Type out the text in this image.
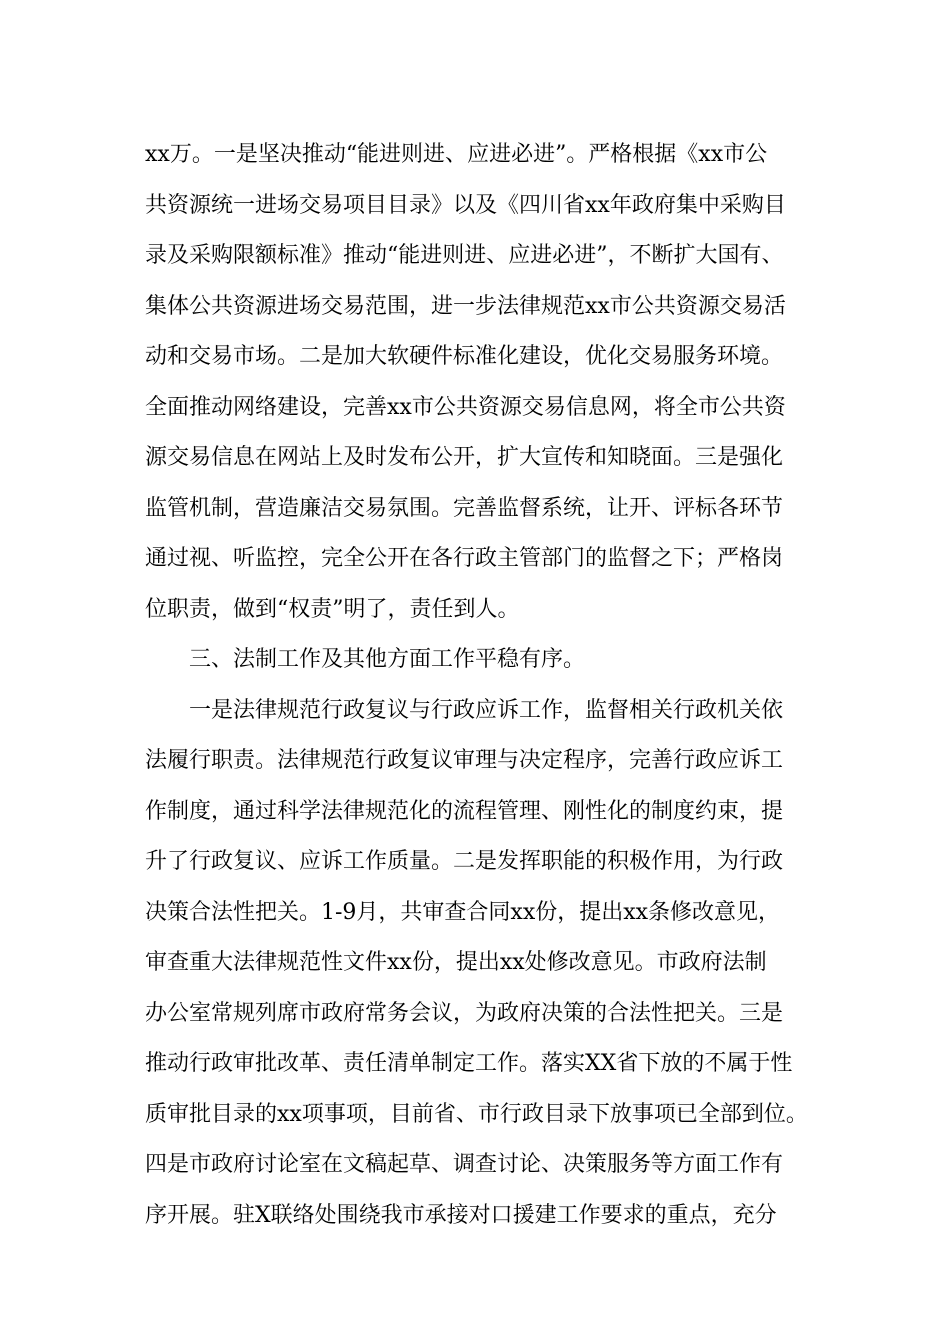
xx万。一是坚决推动“能进则进、应进必进”。严格根据《xx市公
共资源统一进场交易项目目录》以及《四川省xx年政府集中采购目
录及采购限额标准》推动“能进则进、应进必进”，不断扩大国有、
集体公共资源进场交易范围，进一步法律规范xx市公共资源交易活
动和交易市场。二是加大软硬件标准化建设，优化交易服务环境。
全面推动网络建设，完善xx市公共资源交易信息网，将全市公共资
源交易信息在网站上及时发布公开，扩大宣传和知晓面。三是强化
监管机制，营造廉洁交易氛围。完善监督系统，让开、评标各环节
通过视、听监控，完全公开在各行政主管部门的监督之下；严格岗
位职责，做到“权责”明了，责任到人。
三、法制工作及其他方面工作平稳有序。
一是法律规范行政复议与行政应诉工作，监督相关行政机关依
法履行职责。法律规范行政复议审理与决定程序，完善行政应诉工
作制度，通过科学法律规范化的流程管理、刚性化的制度约束，提
升了行政复议、应诉工作质量。二是发挥职能的积极作用，为行政
决策合法性把关。1-9月，共审查合同xx份，提出xx条修改意见，
审查重大法律规范性文件xx份，提出xx处修改意见。市政府法制
办公室常规列席市政府常务会议，为政府决策的合法性把关。三是
推动行政审批改革、责任清单制定工作。落实XX省下放的不属于性
质审批目录的xx项事项，目前省、市行政目录下放事项已全部到位。
四是市政府讨论室在文稿起草、调查讨论、决策服务等方面工作有
序开展。驻X联络处围绕我市承接对口援建工作要求的重点，充分
